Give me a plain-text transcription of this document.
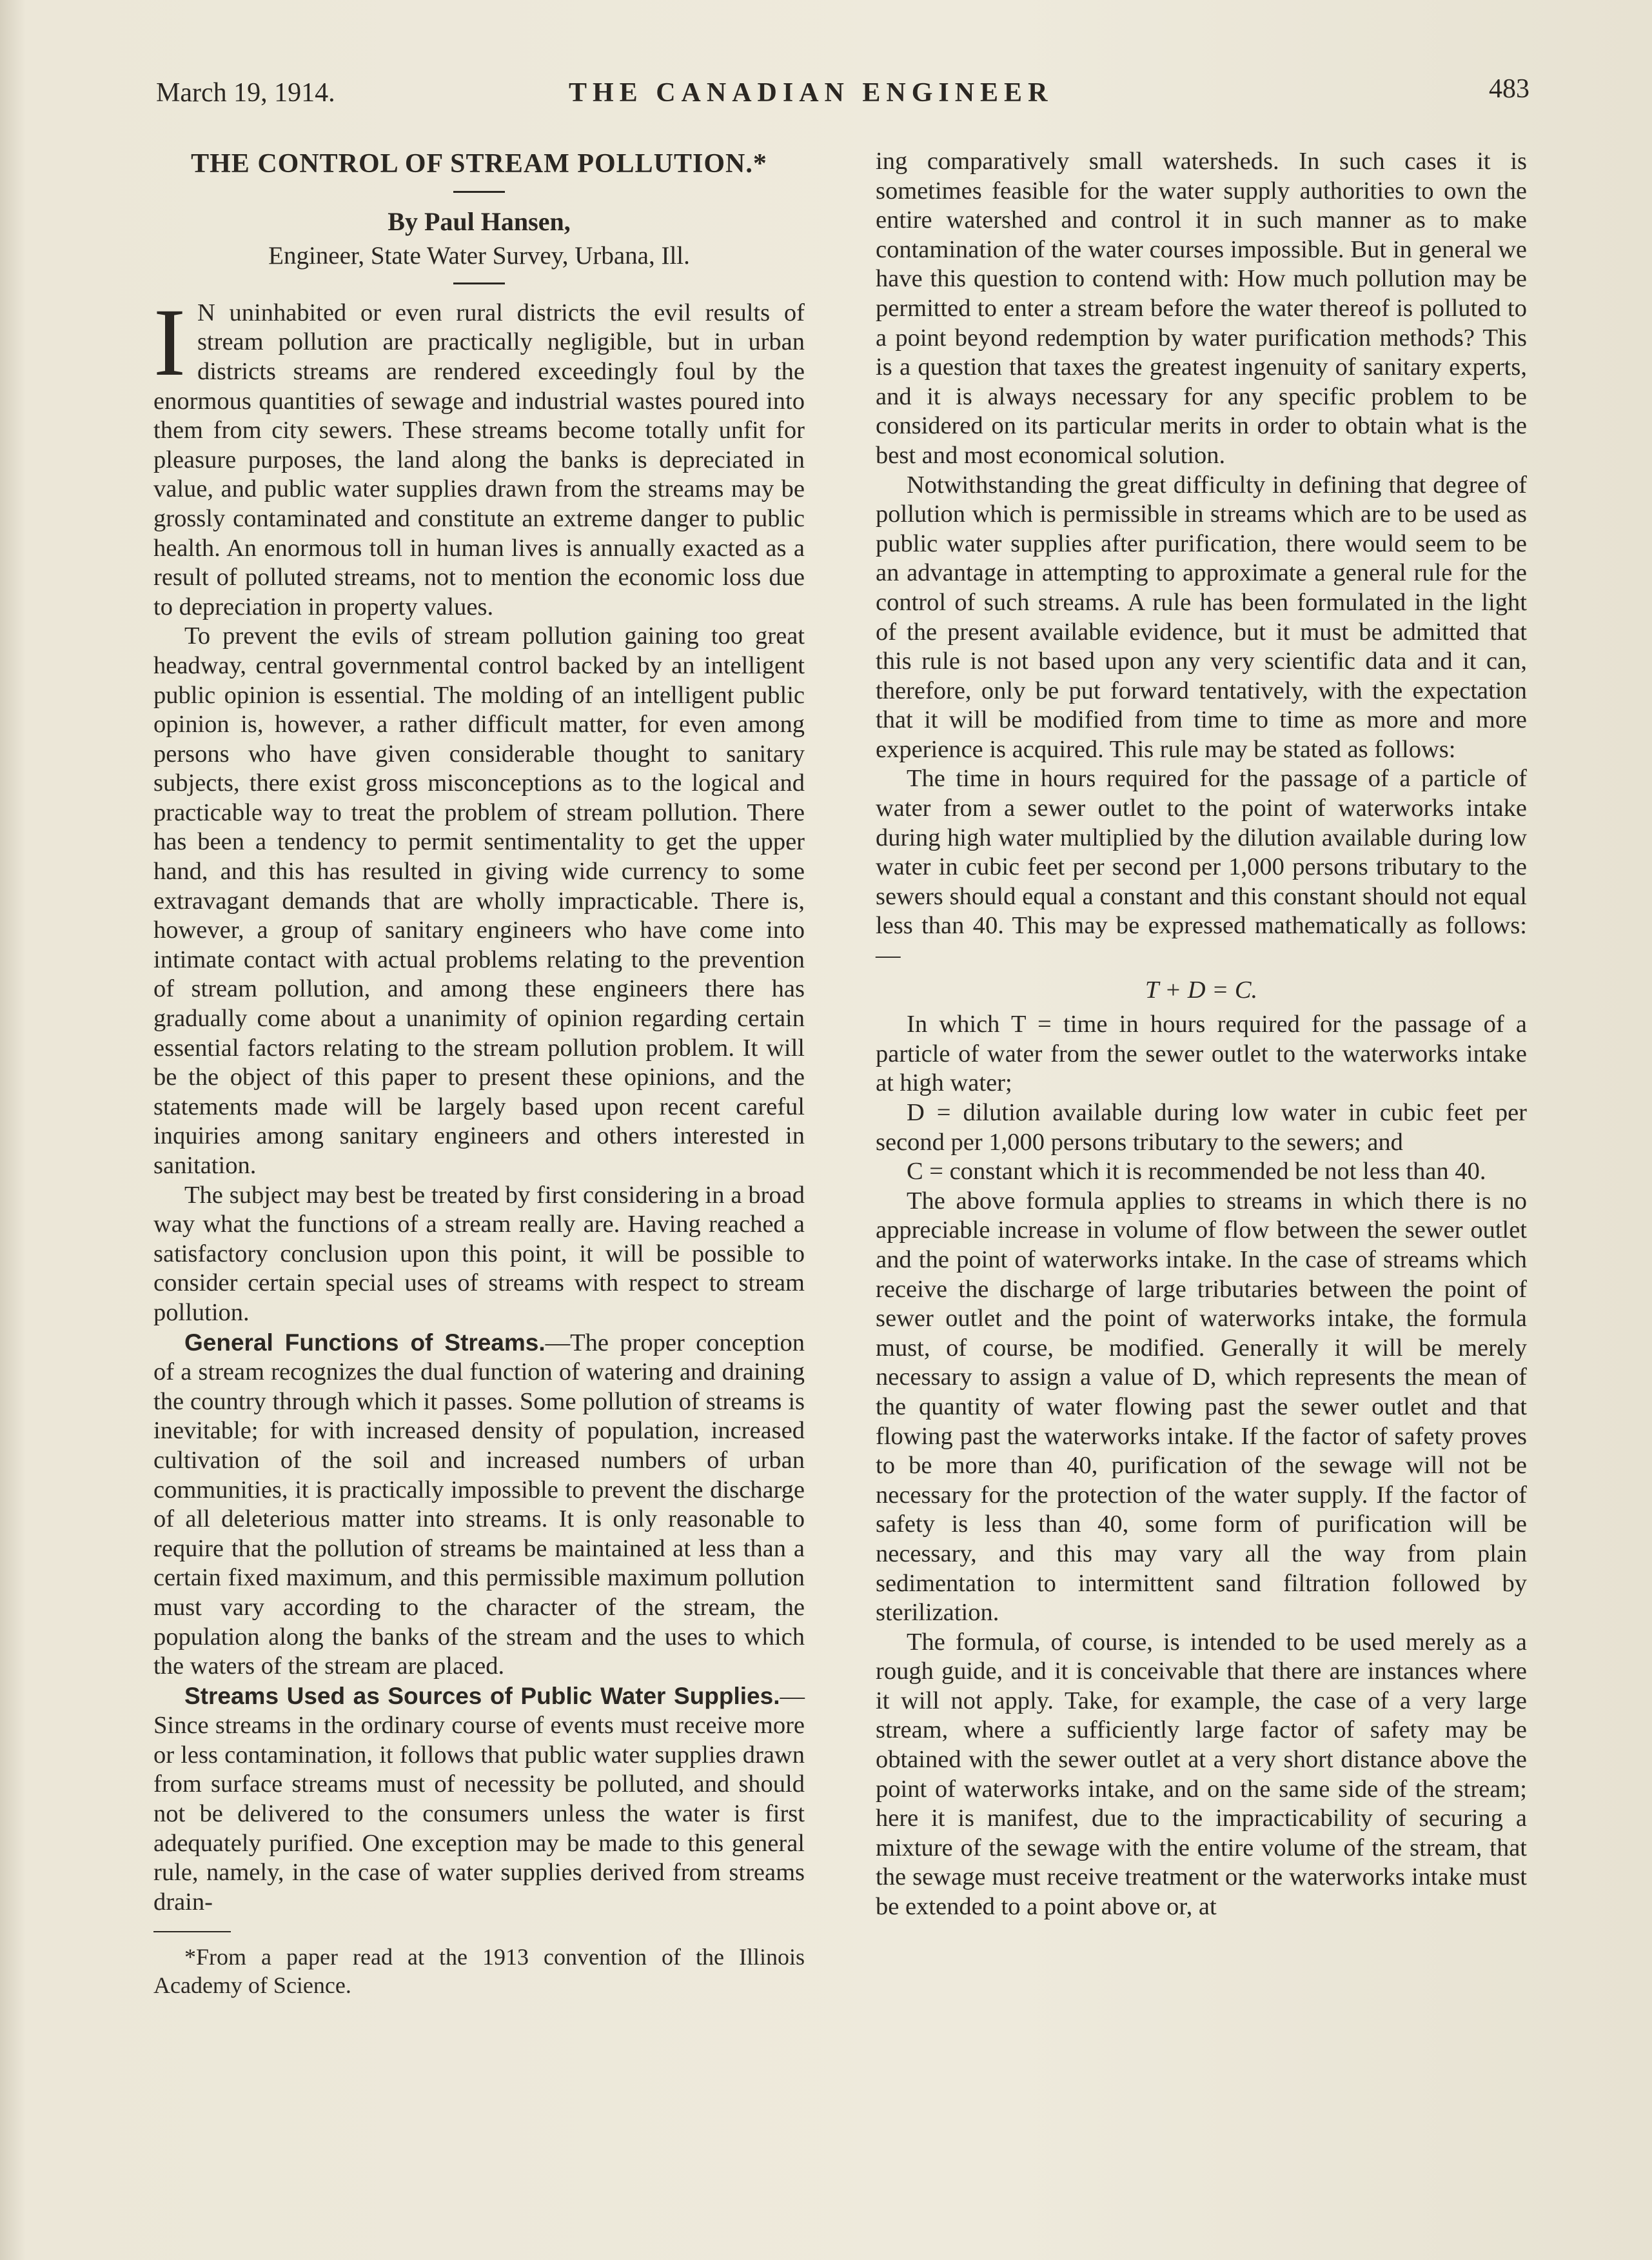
March 19, 1914.	THE CANADIAN ENGINEER	483
THE CONTROL OF STREAM POLLUTION.*
By Paul Hansen,
Engineer, State Water Survey, Urbana, Ill.

I N uninhabited or even rural districts the evil results of stream pollution are practically negligible, but in urban districts streams are rendered exceedingly foul by the enormous quantities of sewage and industrial wastes poured into them from city sewers. These streams become totally unfit for pleasure purposes, the land along the banks is depreciated in value, and public water supplies drawn from the streams may be grossly contaminated and constitute an extreme danger to public health. An enormous toll in human lives is annually exacted as a result of polluted streams, not to mention the economic loss due to depreciation in property values.

To prevent the evils of stream pollution gaining too great headway, central governmental control backed by an intelligent public opinion is essential. The molding of an intelligent public opinion is, however, a rather difficult matter, for even among persons who have given considerable thought to sanitary subjects, there exist gross misconceptions as to the logical and practicable way to treat the problem of stream pollution. There has been a tendency to permit sentimentality to get the upper hand, and this has resulted in giving wide currency to some extravagant demands that are wholly impracticable. There is, however, a group of sanitary engineers who have come into intimate contact with actual problems relating to the prevention of stream pollution, and among these engineers there has gradually come about a unanimity of opinion regarding certain essential factors relating to the stream pollution problem. It will be the object of this paper to present these opinions, and the statements made will be largely based upon recent careful inquiries among sanitary engineers and others interested in sanitation.

The subject may best be treated by first considering in a broad way what the functions of a stream really are. Having reached a satisfactory conclusion upon this point, it will be possible to consider certain special uses of streams with respect to stream pollution.

General Functions of Streams.—The proper conception of a stream recognizes the dual function of watering and draining the country through which it passes. Some pollution of streams is inevitable; for with increased density of population, increased cultivation of the soil and increased numbers of urban communities, it is practically impossible to prevent the discharge of all deleterious matter into streams. It is only reasonable to require that the pollution of streams be maintained at less than a certain fixed maximum, and this permissible maximum pollution must vary according to the character of the stream, the population along the banks of the stream and the uses to which the waters of the stream are placed.

Streams Used as Sources of Public Water Supplies.—Since streams in the ordinary course of events must receive more or less contamination, it follows that public water supplies drawn from surface streams must of necessity be polluted, and should not be delivered to the consumers unless the water is first adequately purified. One exception may be made to this general rule, namely, in the case of water supplies derived from streams drain-

*From a paper read at the 1913 convention of the Illinois Academy of Science.

ing comparatively small watersheds. In such cases it is sometimes feasible for the water supply authorities to own the entire watershed and control it in such manner as to make contamination of the water courses impossible. But in general we have this question to contend with: How much pollution may be permitted to enter a stream before the water thereof is polluted to a point beyond redemption by water purification methods? This is a question that taxes the greatest ingenuity of sanitary experts, and it is always necessary for any specific problem to be considered on its particular merits in order to obtain what is the best and most economical solution.

Notwithstanding the great difficulty in defining that degree of pollution which is permissible in streams which are to be used as public water supplies after purification, there would seem to be an advantage in attempting to approximate a general rule for the control of such streams. A rule has been formulated in the light of the present available evidence, but it must be admitted that this rule is not based upon any very scientific data and it can, therefore, only be put forward tentatively, with the expectation that it will be modified from time to time as more and more experience is acquired. This rule may be stated as follows:

The time in hours required for the passage of a particle of water from a sewer outlet to the point of waterworks intake during high water multiplied by the dilution available during low water in cubic feet per second per 1,000 persons tributary to the sewers should equal a constant and this constant should not equal less than 40. This may be expressed mathematically as follows:—

T + D = C.

In which T = time in hours required for the passage of a particle of water from the sewer outlet to the waterworks intake at high water;

D = dilution available during low water in cubic feet per second per 1,000 persons tributary to the sewers; and

C = constant which it is recommended be not less than 40.

The above formula applies to streams in which there is no appreciable increase in volume of flow between the sewer outlet and the point of waterworks intake. In the case of streams which receive the discharge of large tributaries between the point of sewer outlet and the point of waterworks intake, the formula must, of course, be modified. Generally it will be merely necessary to assign a value of D, which represents the mean of the quantity of water flowing past the sewer outlet and that flowing past the waterworks intake. If the factor of safety proves to be more than 40, purification of the sewage will not be necessary for the protection of the water supply. If the factor of safety is less than 40, some form of purification will be necessary, and this may vary all the way from plain sedimentation to intermittent sand filtration followed by sterilization.

The formula, of course, is intended to be used merely as a rough guide, and it is conceivable that there are instances where it will not apply. Take, for example, the case of a very large stream, where a sufficiently large factor of safety may be obtained with the sewer outlet at a very short distance above the point of waterworks intake, and on the same side of the stream; here it is manifest, due to the impracticability of securing a mixture of the sewage with the entire volume of the stream, that the sewage must receive treatment or the waterworks intake must be extended to a point above or, at
